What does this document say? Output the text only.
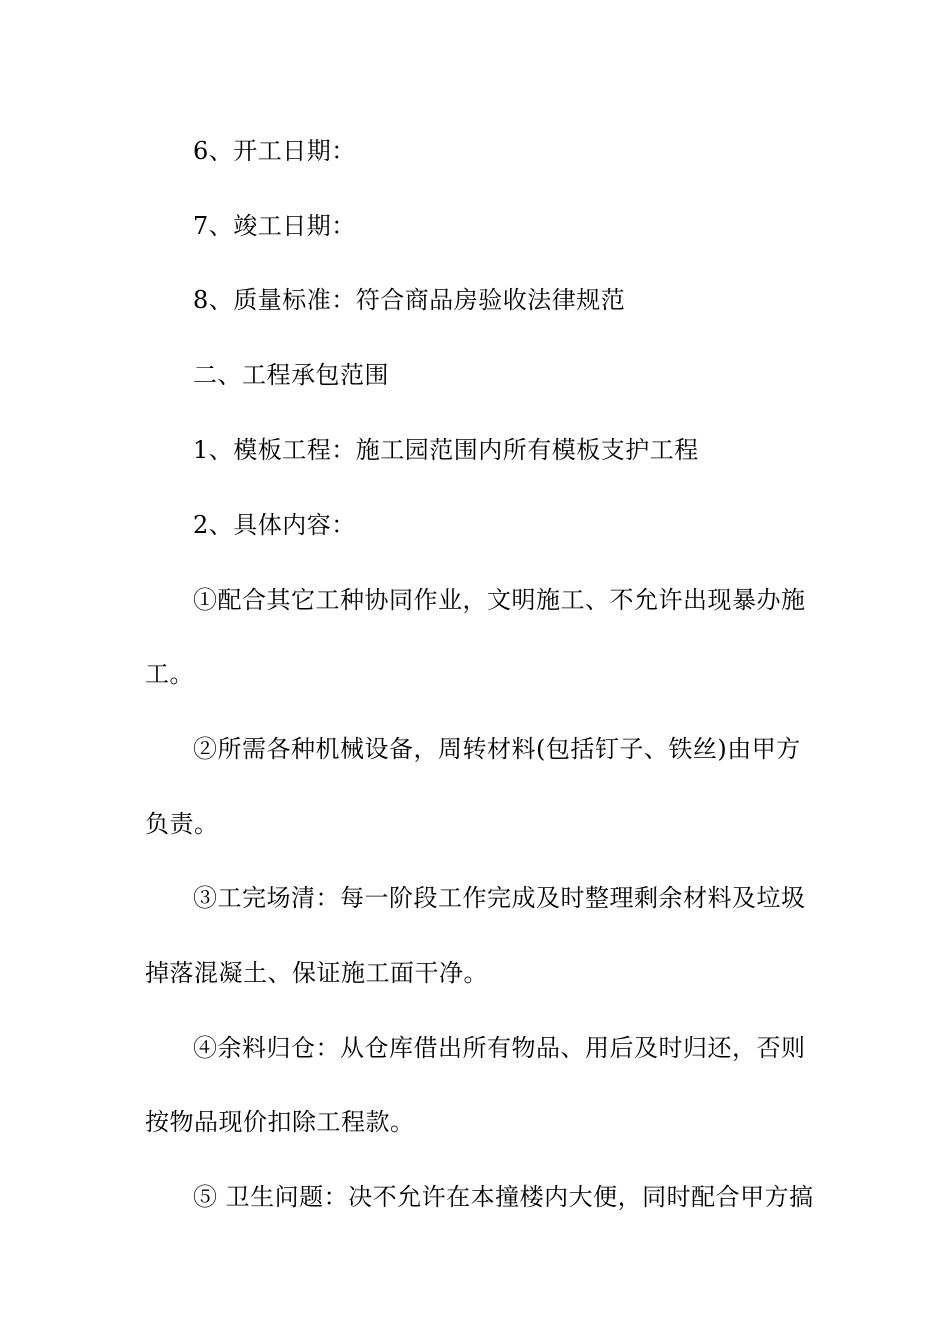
6、开工日期：
7、竣工日期：
8、质量标准：符合商品房验收法律规范
二、工程承包范围
1、模板工程：施工园范围内所有模板支护工程
2、具体内容：
①配合其它工种协同作业，文明施工、不允许出现暴办施
工。
②所需各种机械设备，周转材料(包括钉子、铁丝)由甲方
负责。
③工完场清：每一阶段工作完成及时整理剩余材料及垃圾
掉落混凝土、保证施工面干净。
④余料归仓：从仓库借出所有物品、用后及时归还，否则
按物品现价扣除工程款。
⑤ 卫生问题：决不允许在本撞楼内大便，同时配合甲方搞
